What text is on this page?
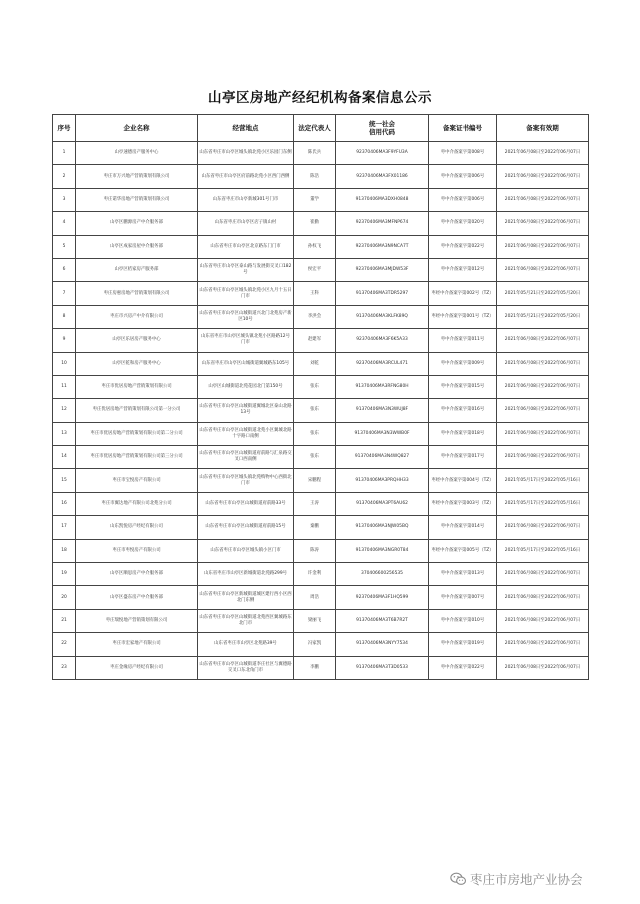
山亭区房地产经纪机构备案信息公示
序号	企业名称	经营地点	法定代表人	统一社会
信用代码	备案证书编号	备案有效期
1	山亭速德房产服务中心	山东省枣庄市山亭区城头镇北苑小区乐园门东侧	陈氏兵	92370406MA3F9YFU3A	枣中介备案字第008号	2021年06月08日至2022年06月07日
2	枣庄市万兴地产营销策划有限公司	山东省枣庄市山亭区府前路北苑小区西门西侧	陈浩	92370406MA3FX01186	枣中介备案字第006号	2021年06月08日至2022年06月07日
3	枣庄诺华房地产营销策划有限公司	山东省枣庄市山亭新城301号门市	董学	91370406MA3DXH0848	枣中介备案字第006号	2021年06月08日至2022年06月07日
4	山亭区鹏源房产中介服务部	山东省枣庄市山亭区店子镇山村	崔勤	92370406MA3MFNP674	枣中介备案字第020号	2021年06月08日至2022年06月07日
5	山亭区成家房屋中介服务部	山东省枣庄市山亭区北京路东门门市	孙权飞	92370406MA3N9NCA7T	枣中介备案字第022号	2021年06月08日至2022年06月07日
6	山亭区桔家房产服务部	山东省枣庄市山亭区泰山路与发展街交叉口182号	侯宏平	92370406MA3MJDW53F	枣中介备案字第012号	2021年06月08日至2022年06月07日
7	枣庄房惠房地产营销策划有限公司	山东省枣庄市山亭区城头镇北苑小区九月十五日门市	王科	91370406MA3TDR5297	枣经中介备案字第002号（TZ）	2021年05月21日至2022年05月20日
8	枣庄市兴房产中介有限公司	山东省枣庄市山亭区山城街道兴北门北苑房产新区10号	李洪会	91370406MA3KLFK89Q	枣经中介备案字第001号（TZ）	2021年05月21日至2022年05月20日
9	山亭区乐居房产服务中心	山东省枣庄市山亭区城头镇北苑小区路路12号门市	赵建军	92370406MA3F6K5A33	枣中介备案字第011号	2021年06月08日至2022年06月07日
10	山亭区乾和房产服务中心	山东省枣庄市山亭区山城街道翼城路东105号	刘乾	92370406MA3RCUL471	枣中介备案字第009号	2021年06月08日至2022年06月07日
11	枣庄市优居房地产营销策划有限公司	山亭区山城街道北苑花园北门第150号	张东	91370406MA3RFNG80H	枣中介备案字第015号	2021年06月08日至2022年06月07日
12	枣庄优居房地产营销策划有限公司第一分公司	山东省枣庄市山亭区山城街道翼城北区泰山北路13号	张东	91370406MA3N3WUJ8F	枣中介备案字第016号	2021年06月08日至2022年06月07日
13	枣庄市优居房地产营销策划有限公司第二分公司	山东省枣庄市山亭区山城街道北苑小区翼城北路十字路口南侧	张东	91370406MA3N3WWB0F	枣中介备案字第018号	2021年06月08日至2022年06月07日
14	枣庄市优居房地产营销策划有限公司第三分公司	山东省枣庄市山亭区山城街道府前路与汇泉路交叉口西南侧	张东	91370406MA3N4WQ827	枣中介备案字第017号	2021年06月08日至2022年06月07日
15	枣庄市宝悦房产有限公司	山东省枣庄市山亭区城头镇北苑购物中心西街北门市	宋鹏程	91370406MA3PRQHH33	枣经中介备案字第004号（TZ）	2021年05月17日至2022年05月16日
16	枣庄市翼达地产有限公司北苑分公司	山东省枣庄市山亭区山城街道府前路33号	王涛	91370406MA3PT6AU62	枣经中介备案字第003号（TZ）	2021年05月17日至2022年05月16日
17	山东凯悦房产经纪有限公司	山东省枣庄市山亭区山城街道府前路15号	秦鹏	91370406MA3NJW05BQ	枣中介备案字第014号	2021年06月08日至2022年06月07日
18	枣庄市枣悦房产有限公司	山东省枣庄市山亭区城头镇小区门市	陈涛	91370406MA3NGR0T84	枣经中介备案字第005号（TZ）	2021年05月17日至2022年05月16日
19	山亭区顺思房产中介服务部	山东省枣庄市山亭区新城街道北苑路299号	许金利	370406600256535	枣中介备案字第013号	2021年06月08日至2022年06月07日
20	山亭区盛东房产中介服务部	山东省枣庄市山亭区新城街道城区建行西小区西北门东侧	周浩	92370406MA3F1HQ599	枣中介备案字第007号	2021年06月08日至2022年06月07日
21	枣庄瑞悦地产营销策划有限公司	山东省枣庄市山亭区山城街道北苑西区翼城路东北门市	梁丽飞	91370406MA3T6B7R2T	枣中介备案字第010号	2021年06月08日至2022年06月07日
22	枣庄市宏家地产有限公司	山东省枣庄市山亭区北苑路39号	冯家凯	91370406MA3NYY7534	枣中介备案字第019号	2021年06月08日至2022年06月07日
23	枣庄金缘房产经纪有限公司	山东省枣庄市山亭区山城街道李庄社区与翼德路交叉口东北角门市	李鹏	91370406MA3T3D0533	枣中介备案字第022号	2021年06月08日至2022年06月07日
枣庄市房地产业协会
